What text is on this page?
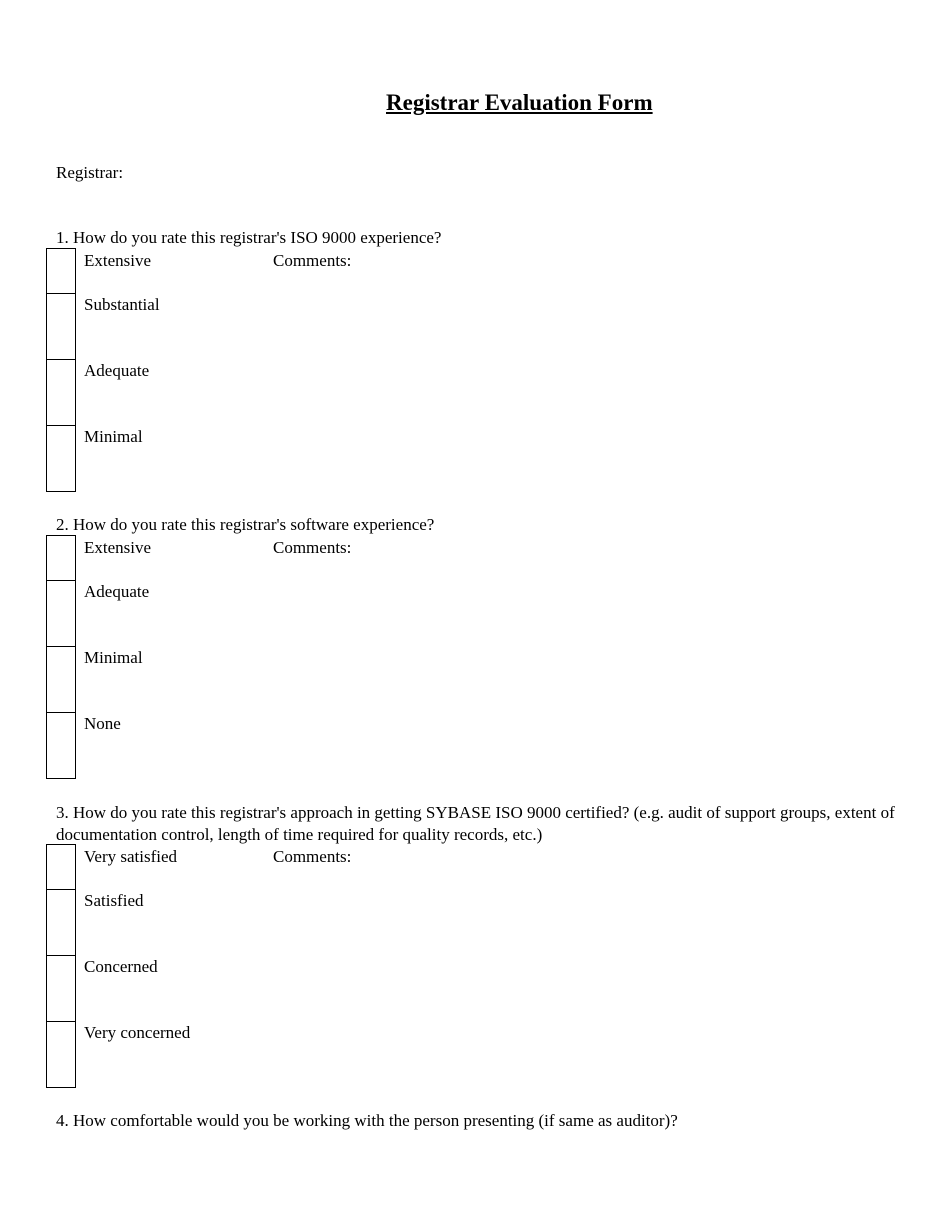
Registrar Evaluation Form
Registrar:
1. How do you rate this registrar's ISO 9000 experience?
Extensive	Comments:
Substantial
Adequate
Minimal
2. How do you rate this registrar's software experience?
Extensive	Comments:
Adequate
Minimal
None
3. How do you rate this registrar's approach in getting SYBASE ISO 9000 certified? (e.g. audit of support groups, extent of documentation control, length of time required for quality records, etc.)
Very satisfied	Comments:
Satisfied
Concerned
Very concerned
4. How comfortable would you be working with the person presenting (if same as auditor)?
